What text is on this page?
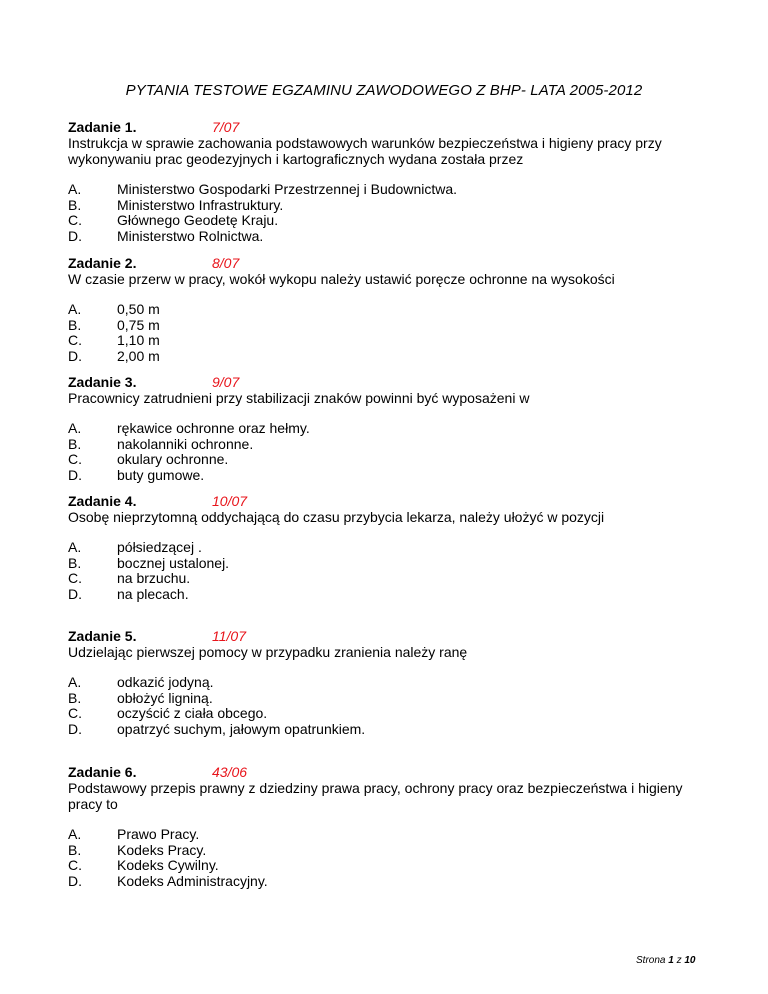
PYTANIA TESTOWE EGZAMINU ZAWODOWEGO Z BHP- LATA 2005-2012
Zadanie 1.	7/07
Instrukcja w sprawie zachowania podstawowych warunków bezpieczeństwa i higieny pracy przy
wykonywaniu prac geodezyjnych i kartograficznych wydana została przez
A.	Ministerstwo Gospodarki Przestrzennej i Budownictwa.
B.	Ministerstwo Infrastruktury.
C.	Głównego Geodetę Kraju.
D.	Ministerstwo Rolnictwa.
Zadanie 2.	8/07
W czasie przerw w pracy, wokół wykopu należy ustawić poręcze ochronne na wysokości
A.	0,50 m
B.	0,75 m
C.	1,10 m
D.	2,00 m
Zadanie 3.	9/07
Pracownicy zatrudnieni przy stabilizacji znaków powinni być wyposażeni w
A.	rękawice ochronne oraz hełmy.
B.	nakolanniki ochronne.
C.	okulary ochronne.
D.	buty gumowe.
Zadanie 4.	10/07
Osobę nieprzytomną oddychającą do czasu przybycia lekarza, należy ułożyć w pozycji
A.	półsiedzącej .
B.	bocznej ustalonej.
C.	na brzuchu.
D.	na plecach.
Zadanie 5.	11/07
Udzielając pierwszej pomocy w przypadku zranienia należy ranę
A.	odkazić jodyną.
B.	obłożyć ligniną.
C.	oczyścić z ciała obcego.
D.	opatrzyć suchym, jałowym opatrunkiem.
Zadanie 6.	43/06
Podstawowy przepis prawny z dziedziny prawa pracy, ochrony pracy oraz bezpieczeństwa i higieny
pracy to
A.	Prawo Pracy.
B.	Kodeks Pracy.
C.	Kodeks Cywilny.
D.	Kodeks Administracyjny.
Strona 1 z 10
